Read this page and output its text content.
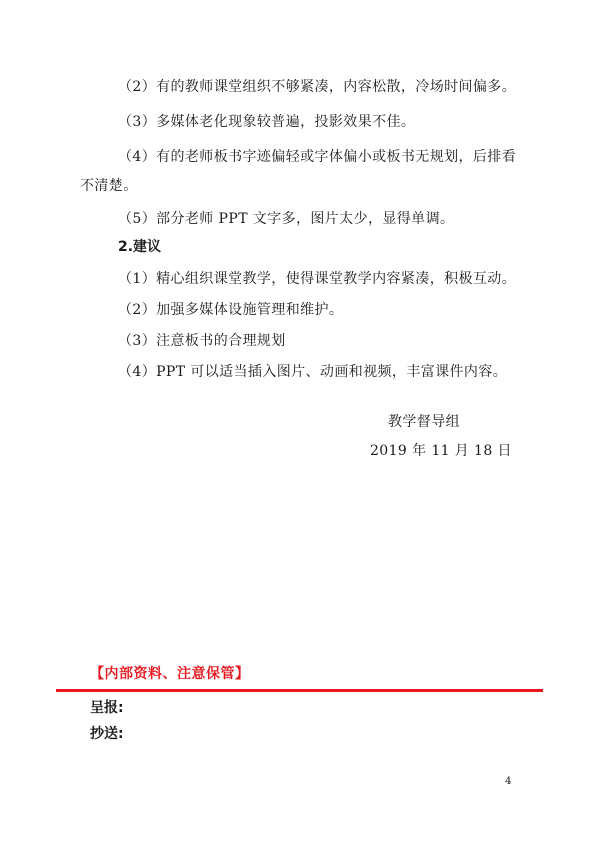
（2）有的教师课堂组织不够紧凑，内容松散，冷场时间偏多。
（3）多媒体老化现象较普遍，投影效果不佳。
（4）有的老师板书字迹偏轻或字体偏小或板书无规划，后排看
不清楚。
（5）部分老师 PPT 文字多，图片太少，显得单调。
2.建议
（1）精心组织课堂教学，使得课堂教学内容紧凑，积极互动。
（2）加强多媒体设施管理和维护。
（3）注意板书的合理规划
（4）PPT 可以适当插入图片、动画和视频，丰富课件内容。
教学督导组
2019 年 11 月 18 日
【内部资料、注意保管】
呈报:
抄送:
4
